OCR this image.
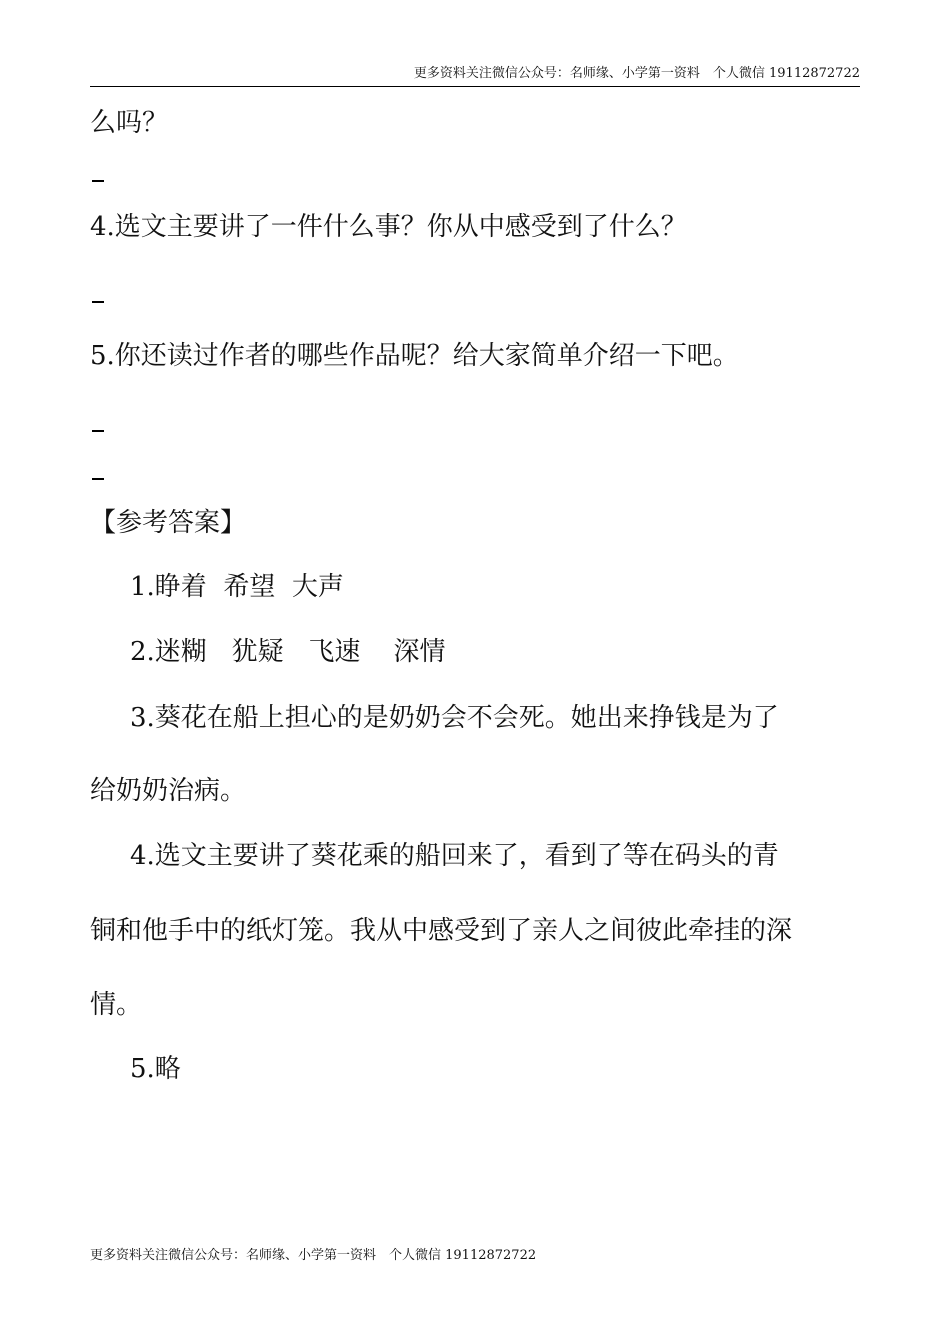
更多资料关注微信公众号：名师缘、小学第一资料　个人微信 19112872722
么吗？
4.选文主要讲了一件什么事？你从中感受到了什么？
5.你还读过作者的哪些作品呢？给大家简单介绍一下吧。
【参考答案】
1.睁着  希望  大声
2.迷糊   犹疑   飞速    深情
3.葵花在船上担心的是奶奶会不会死。她出来挣钱是为了
给奶奶治病。
4.选文主要讲了葵花乘的船回来了，看到了等在码头的青
铜和他手中的纸灯笼。我从中感受到了亲人之间彼此牵挂的深
情。
5.略
更多资料关注微信公众号：名师缘、小学第一资料　个人微信 19112872722
